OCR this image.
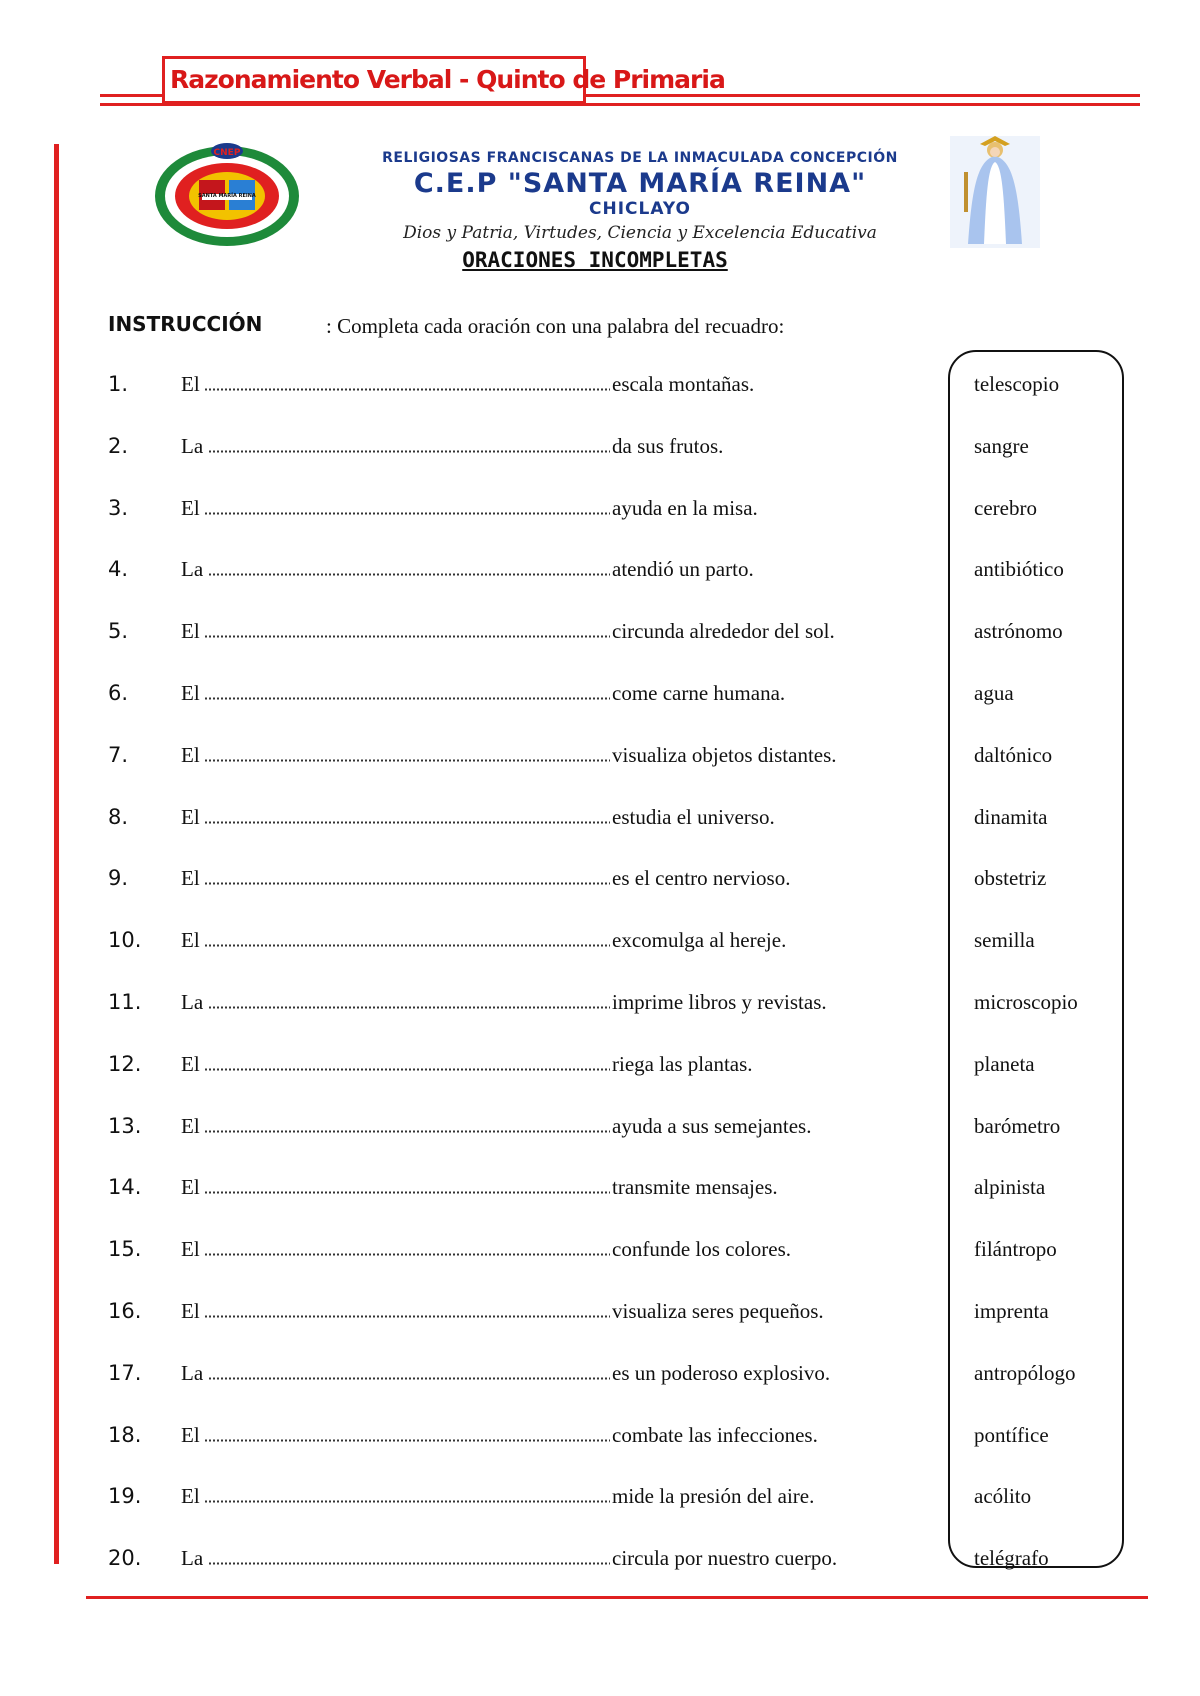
Razonamiento Verbal - Quinto de Primaria
CNEP
SANTA MARÍA REINA
RELIGIOSAS FRANCISCANAS DE LA INMACULADA CONCEPCIÓN
C.E.P "SANTA MARÍA REINA"
CHICLAYO
Dios y Patria, Virtudes, Ciencia y Excelencia Educativa
ORACIONES INCOMPLETAS
INSTRUCCIÓN	: Completa cada oración con una palabra del recuadro:
1.	El	escala montañas.	telescopio
2.	La	da sus frutos.	sangre
3.	El	ayuda en la misa.	cerebro
4.	La	atendió un parto.	antibiótico
5.	El	circunda alrededor del sol.	astrónomo
6.	El	come carne humana.	agua
7.	El	visualiza objetos distantes.	daltónico
8.	El	estudia el universo.	dinamita
9.	El	es el centro nervioso.	obstetriz
10. El	excomulga al hereje.	semilla
11. La	imprime libros y revistas.	microscopio
12. El	riega las plantas.	planeta
13. El	ayuda a sus semejantes.	barómetro
14. El	transmite mensajes.	alpinista
15. El	confunde los colores.	filántropo
16. El	visualiza seres pequeños.	imprenta
17. La	es un poderoso explosivo.	antropólogo
18. El	combate las infecciones.	pontífice
19. El	mide la presión del aire.	acólito
20. La	circula por nuestro cuerpo.	telégrafo
